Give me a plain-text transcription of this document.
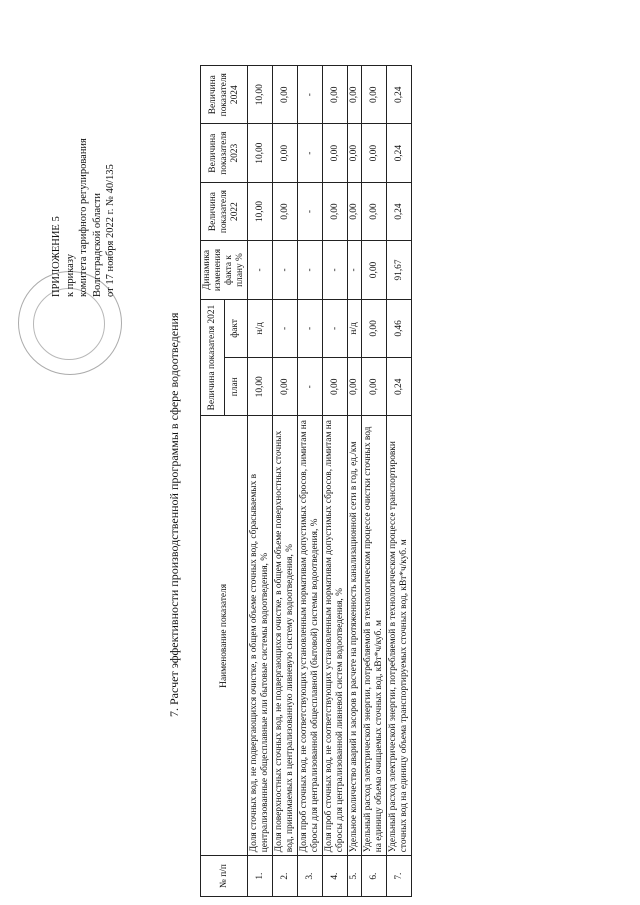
ПРИЛОЖЕНИЕ 5 к приказу комитета тарифного регулирования Волгоградской области от 17 ноября 2022 г. № 40/135
7. Расчет эффективности производственной программы в сфере водоотведения
№ п/п	Наименование показателя	Величина показателя 2021		Динамика изменения факта к плану %	Величина показателя 2022	Величина показателя 2023	Величина показателя 2024
		план	факт				
1.	Доля сточных вод, не подвергающихся очистке, в общем объеме сточных вод, сбрасываемых в централизованные общесплавные или бытовые системы водоотведения, %	10,00	н/д	-	10,00	10,00	10,00
2.	Доля поверхностных сточных вод, не подвергающихся очистке, в общем объеме поверхностных сточных вод, принимаемых в централизованную ливневую систему водоотведения, %	0,00	-	-	0,00	0,00	0,00
3.	Доля проб сточных вод, не соответствующих установленным нормативам допустимых сбросов, лимитам на сбросы для централизованной общесплавной (бытовой) системы водоотведения, %	-	-	-	-	-	-
4.	Доля проб сточных вод, не соответствующих установленным нормативам допустимых сбросов, лимитам на сбросы для централизованной ливневой систем водоотведения, %	0,00	-	-	0,00	0,00	0,00
5.	Удельное количество аварий и засоров в расчете на протяженность канализационной сети в год, ед./км	0,00	н/д	-	0,00	0,00	0,00
6.	Удельный расход электрической энергии, потребляемой в технологическом процессе очистки сточных вод на единицу объема очищаемых сточных вод, кВт*ч/куб. м	0,00	0,00	0,00	0,00	0,00	0,00
7.	Удельный расход электрической энергии, потребляемой в технологическом процессе транспортировки сточных вод на единицу объема транспортируемых сточных вод, кВт*ч/куб. м	0,24	0,46	91,67	0,24	0,24	0,24
